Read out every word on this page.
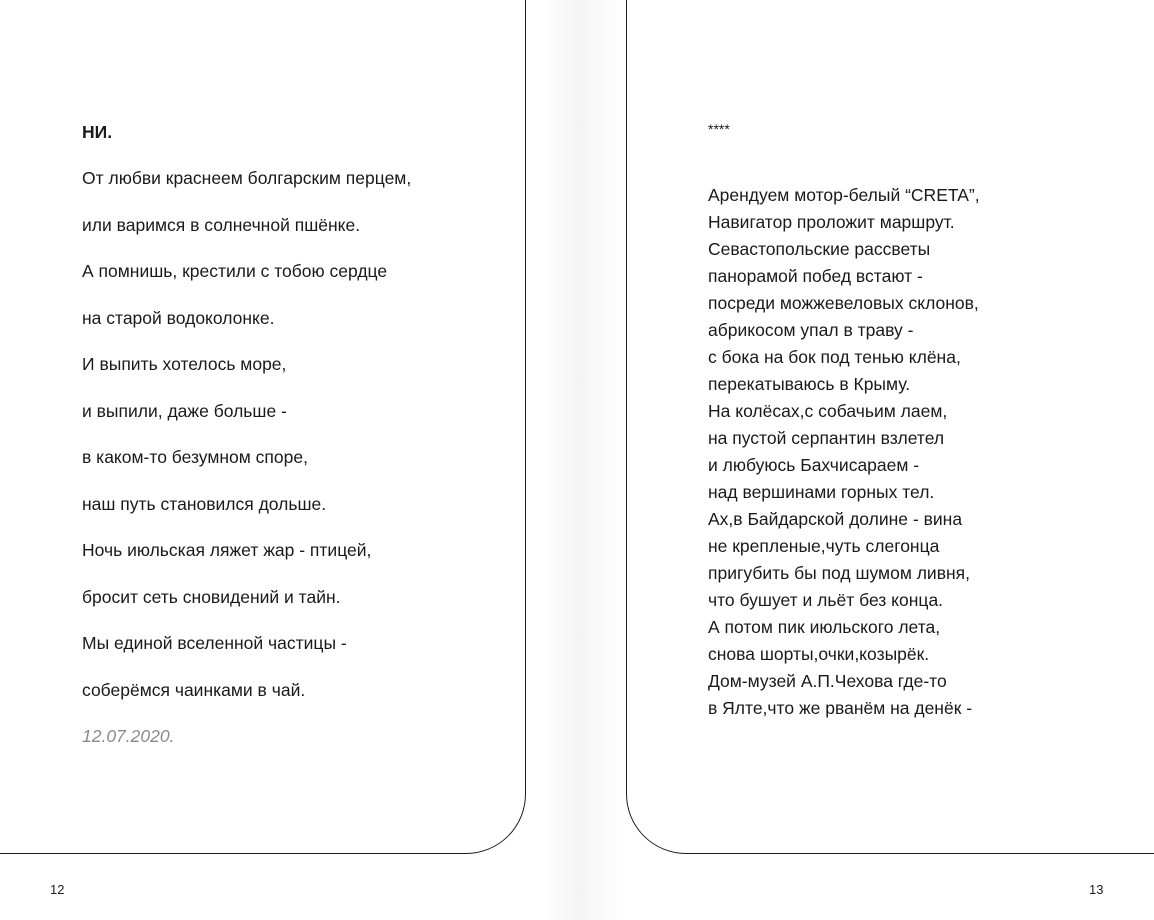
НИ.

От любви краснеем болгарским перцем,

или варимся в солнечной пшёнке.

А помнишь, крестили с тобою сердце

на старой водоколонке.

И выпить хотелось море,

и выпили, даже больше -

в каком-то безумном споре,

наш путь становился дольше.

Ночь июльская ляжет жар - птицей,

бросит сеть сновидений и тайн.

Мы единой вселенной частицы -

соберёмся чаинками в чай.

12.07.2020.

12

****

Арендуем мотор-белый “CRETA”,

Навигатор проложит маршрут.

Севастопольские рассветы

панорамой побед встают -

посреди можжевеловых склонов,

абрикосом упал в траву -

с бока на бок под тенью клёна,

перекатываюсь в Крыму.

На колёсах,с собачьим лаем,

на пустой серпантин взлетел

и любуюсь Бахчисараем -

над вершинами горных тел.

Ах,в Байдарской долине - вина

не крепленые,чуть слегонца

пригубить бы под шумом ливня,

что бушует и льёт без конца.

А потом пик июльского лета,

снова шорты,очки,козырёк.

Дом-музей А.П.Чехова где-то

в Ялте,что же рванём на денёк -

13
